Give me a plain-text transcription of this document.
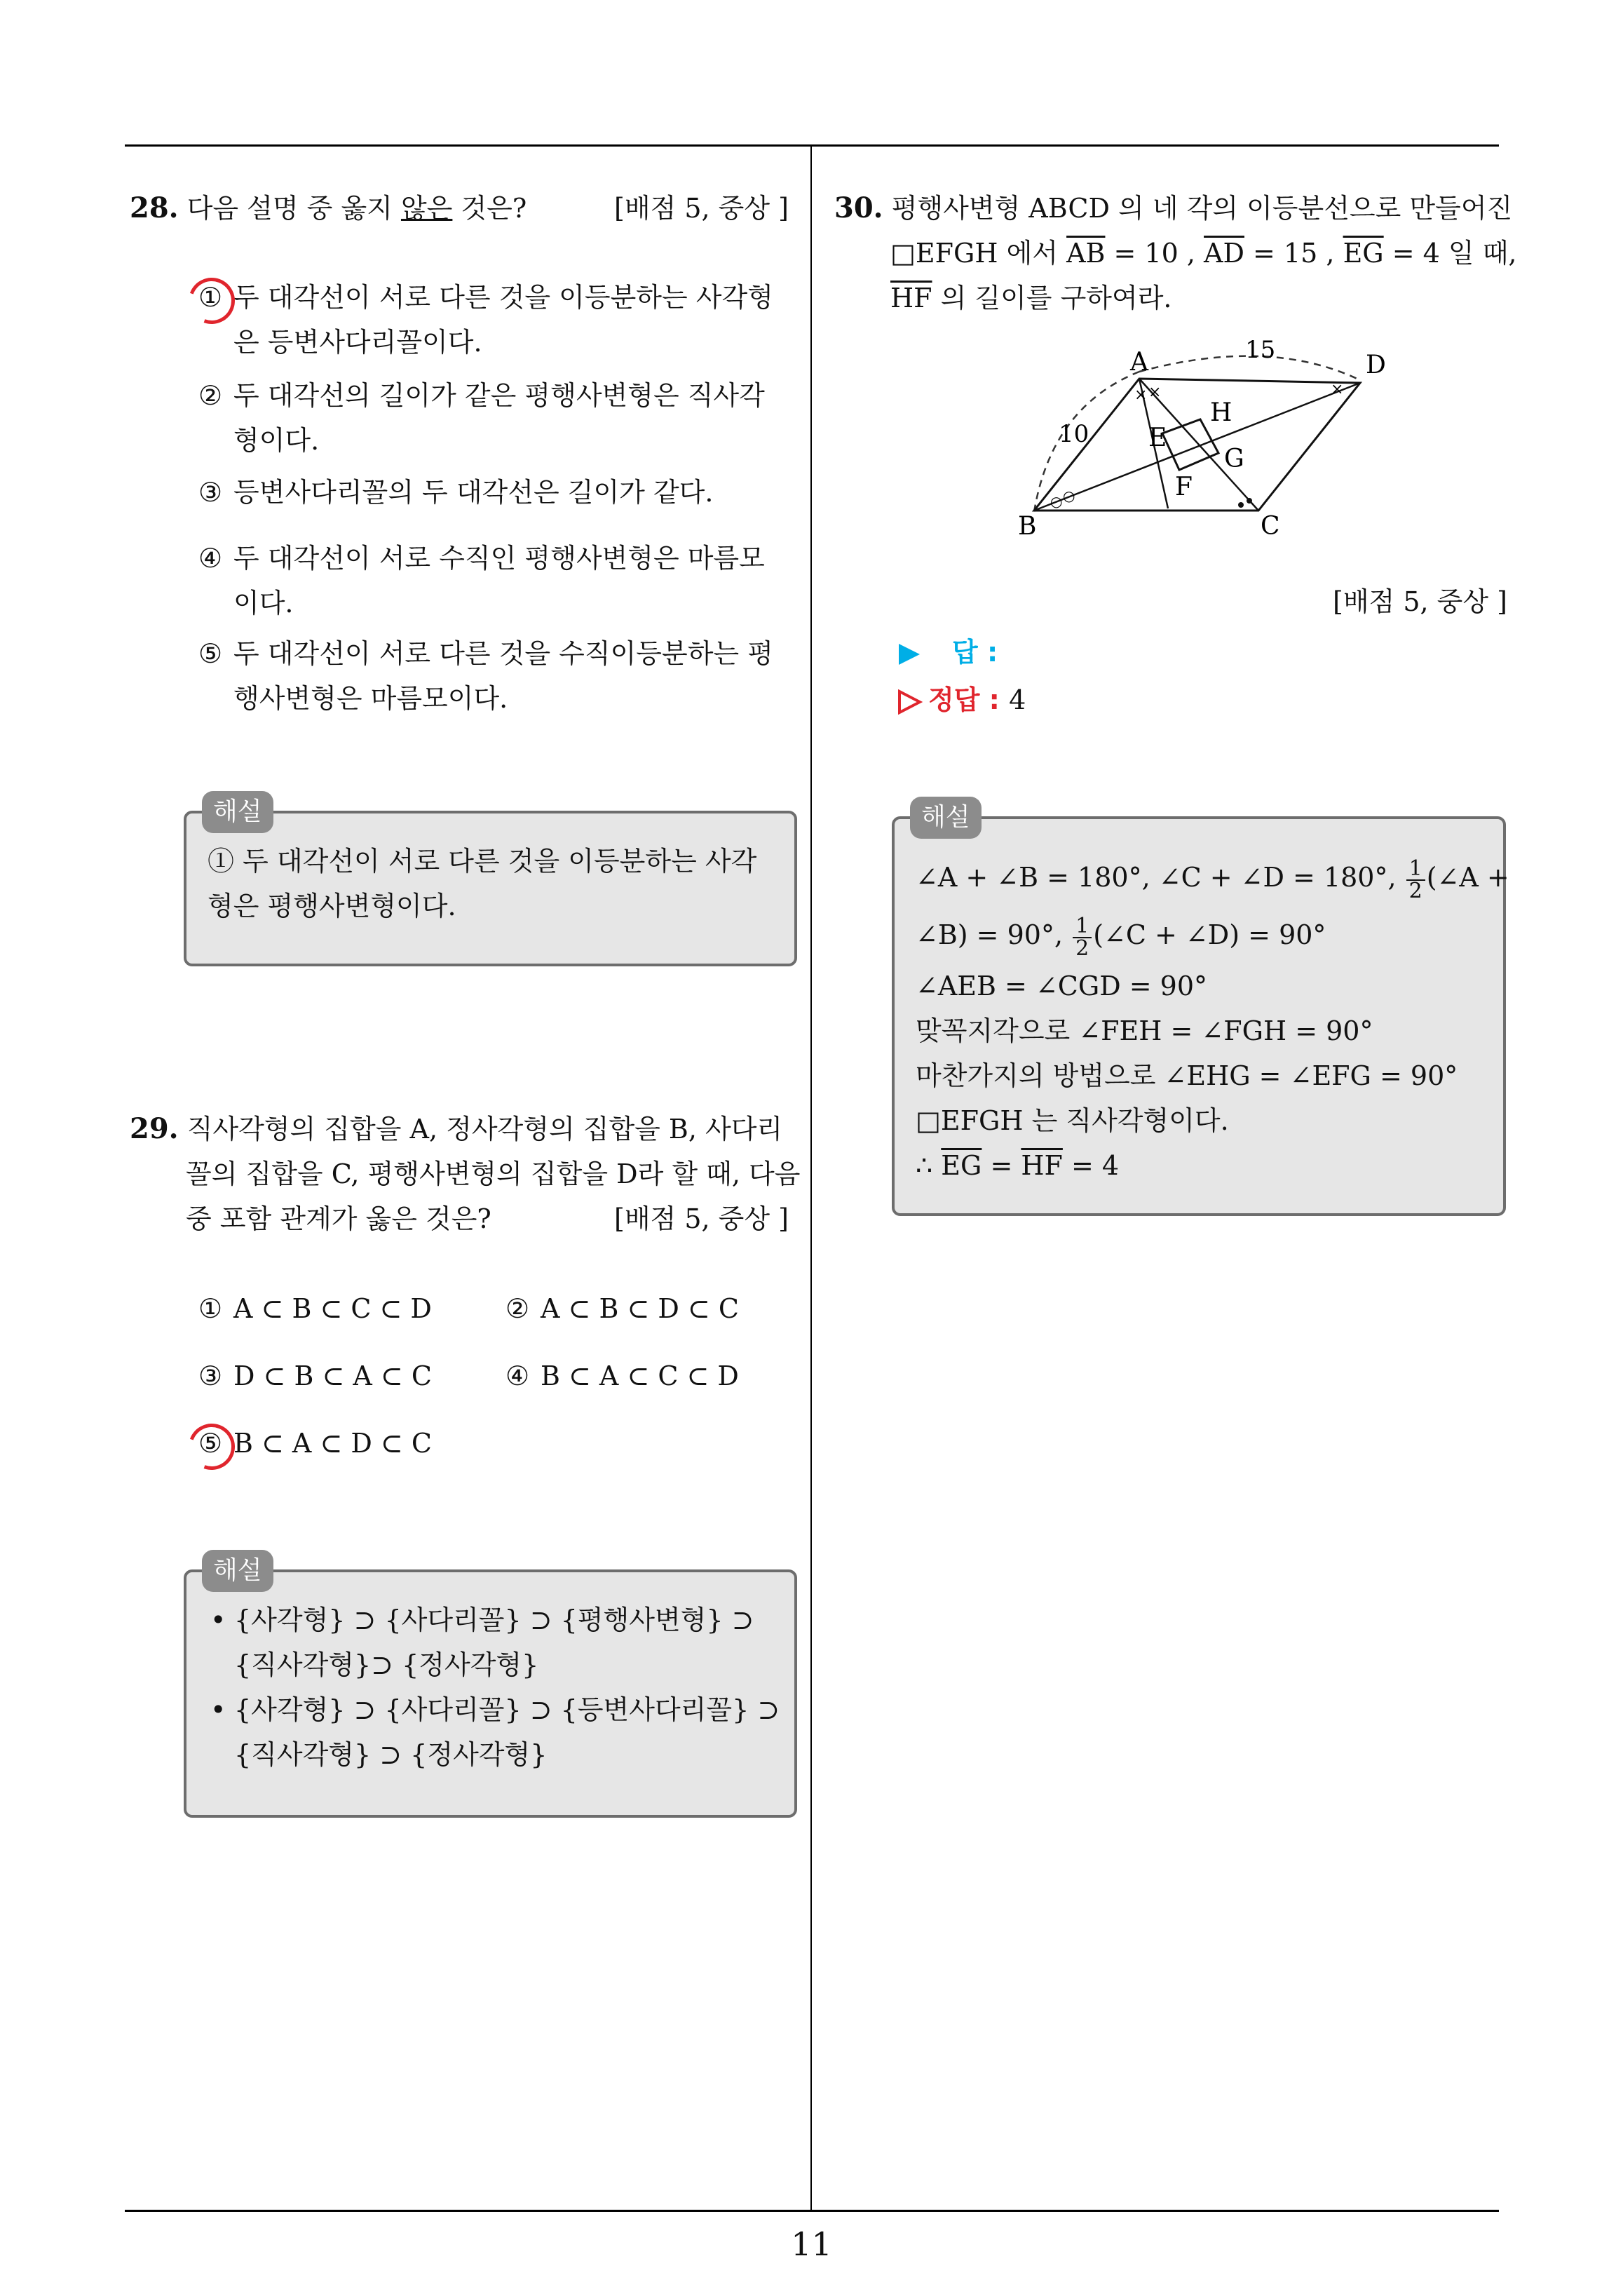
28. 다음 설명 중 옳지 않은 것은?	[배점 5, 중상 ]
① 두 대각선이 서로 다른 것을 이등분하는 사각형
은 등변사다리꼴이다.
② 두 대각선의 길이가 같은 평행사변형은 직사각
형이다.
③ 등변사다리꼴의 두 대각선은 길이가 같다.
④ 두 대각선이 서로 수직인 평행사변형은 마름모
이다.
⑤ 두 대각선이 서로 다른 것을 수직이등분하는 평
행사변형은 마름모이다.
해설
① 두 대각선이 서로 다른 것을 이등분하는 사각
형은 평행사변형이다.
29. 직사각형의 집합을 A, 정사각형의 집합을 B, 사다리
꼴의 집합을 C, 평행사변형의 집합을 D라 할 때, 다음
중 포함 관계가 옳은 것은?	[배점 5, 중상 ]
① A ⊂ B ⊂ C ⊂ D	② A ⊂ B ⊂ D ⊂ C
③ D ⊂ B ⊂ A ⊂ C	④ B ⊂ A ⊂ C ⊂ D
⑤ B ⊂ A ⊂ D ⊂ C
해설
• {사각형} ⊃ {사다리꼴} ⊃ {평행사변형} ⊃
{직사각형}⊃ {정사각형}
• {사각형} ⊃ {사다리꼴} ⊃ {등변사다리꼴} ⊃
{직사각형} ⊃ {정사각형}
30. 평행사변형 ABCD 의 네 각의 이등분선으로 만들어진
□EFGH 에서 $\overline{AB} = 10$ , $\overline{AD} = 15$ , $\overline{EG} = 4$ 일 때,
$\overline{HF}$ 의 길이를 구하여라.
× ×	×
○ ○
A	D
B	C
E
F
G
H
15
10
[배점 5, 중상 ]
답 :
정답 : 4
해설
∠A + ∠B = 180°, ∠C + ∠D = 180°, $\frac{1}{2}$ (∠A +
∠B) = 90°, $\frac{1}{2}$ (∠C + ∠D) = 90°
∠AEB = ∠CGD = 90°
맞꼭지각으로 ∠FEH = ∠FGH = 90°
마찬가지의 방법으로 ∠EHG = ∠EFG = 90°
□EFGH 는 직사각형이다.
∴ $\overline{EG} = \overline{HF} = 4$
11
